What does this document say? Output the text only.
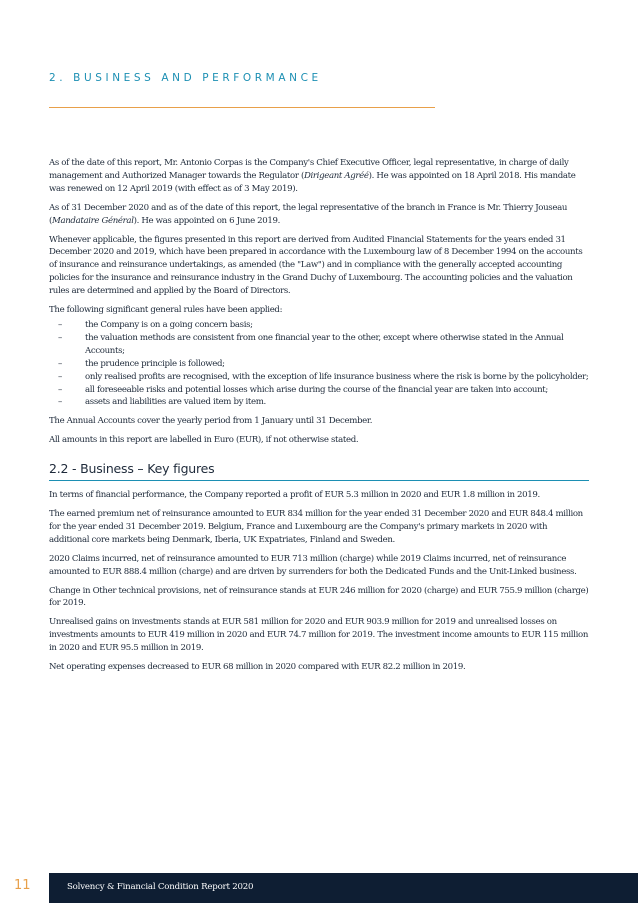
2. BUSINESS AND PERFORMANCE

As of the date of this report, Mr. Antonio Corpas is the Company's Chief Executive Officer, legal representative, in charge of daily management and Authorized Manager towards the Regulator (Dirigeant Agréé). He was appointed on 18 April 2018. His mandate was renewed on 12 April 2019 (with effect as of 3 May 2019).

As of 31 December 2020 and as of the date of this report, the legal representative of the branch in France is Mr. Thierry Jouseau (Mandataire Général). He was appointed on 6 June 2019.

Whenever applicable, the figures presented in this report are derived from Audited Financial Statements for the years ended 31 December 2020 and 2019, which have been prepared in accordance with the Luxembourg law of 8 December 1994 on the accounts of insurance and reinsurance undertakings, as amended (the "Law") and in compliance with the generally accepted accounting policies for the insurance and reinsurance industry in the Grand Duchy of Luxembourg. The accounting policies and the valuation rules are determined and applied by the Board of Directors.

The following significant general rules have been applied:

–	the Company is on a going concern basis;
–	the valuation methods are consistent from one financial year to the other, except where otherwise stated in the Annual Accounts;
–	the prudence principle is followed;
–	only realised profits are recognised, with the exception of life insurance business where the risk is borne by the policyholder;
–	all foreseeable risks and potential losses which arise during the course of the financial year are taken into account;
–	assets and liabilities are valued item by item.

The Annual Accounts cover the yearly period from 1 January until 31 December.

All amounts in this report are labelled in Euro (EUR), if not otherwise stated.

2.2 - Business – Key figures

In terms of financial performance, the Company reported a profit of EUR 5.3 million in 2020 and EUR 1.8 million in 2019.

The earned premium net of reinsurance amounted to EUR 834 million for the year ended 31 December 2020 and EUR 848.4 million for the year ended 31 December 2019. Belgium, France and Luxembourg are the Company's primary markets in 2020 with additional core markets being Denmark, Iberia, UK Expatriates, Finland and Sweden.

2020 Claims incurred, net of reinsurance amounted to EUR 713 million (charge) while 2019 Claims incurred, net of reinsurance amounted to EUR 888.4 million (charge) and are driven by surrenders for both the Dedicated Funds and the Unit-Linked business.

Change in Other technical provisions, net of reinsurance stands at EUR 246 million for 2020 (charge) and EUR 755.9 million (charge) for 2019.

Unrealised gains on investments stands at EUR 581 million for 2020 and EUR 903.9 million for 2019 and unrealised losses on investments amounts to EUR 419 million in 2020 and EUR 74.7 million for 2019. The investment income amounts to EUR 115 million in 2020 and EUR 95.5 million in 2019.

Net operating expenses decreased to EUR 68 million in 2020 compared with EUR 82.2 million in 2019.

11	Solvency & Financial Condition Report 2020
